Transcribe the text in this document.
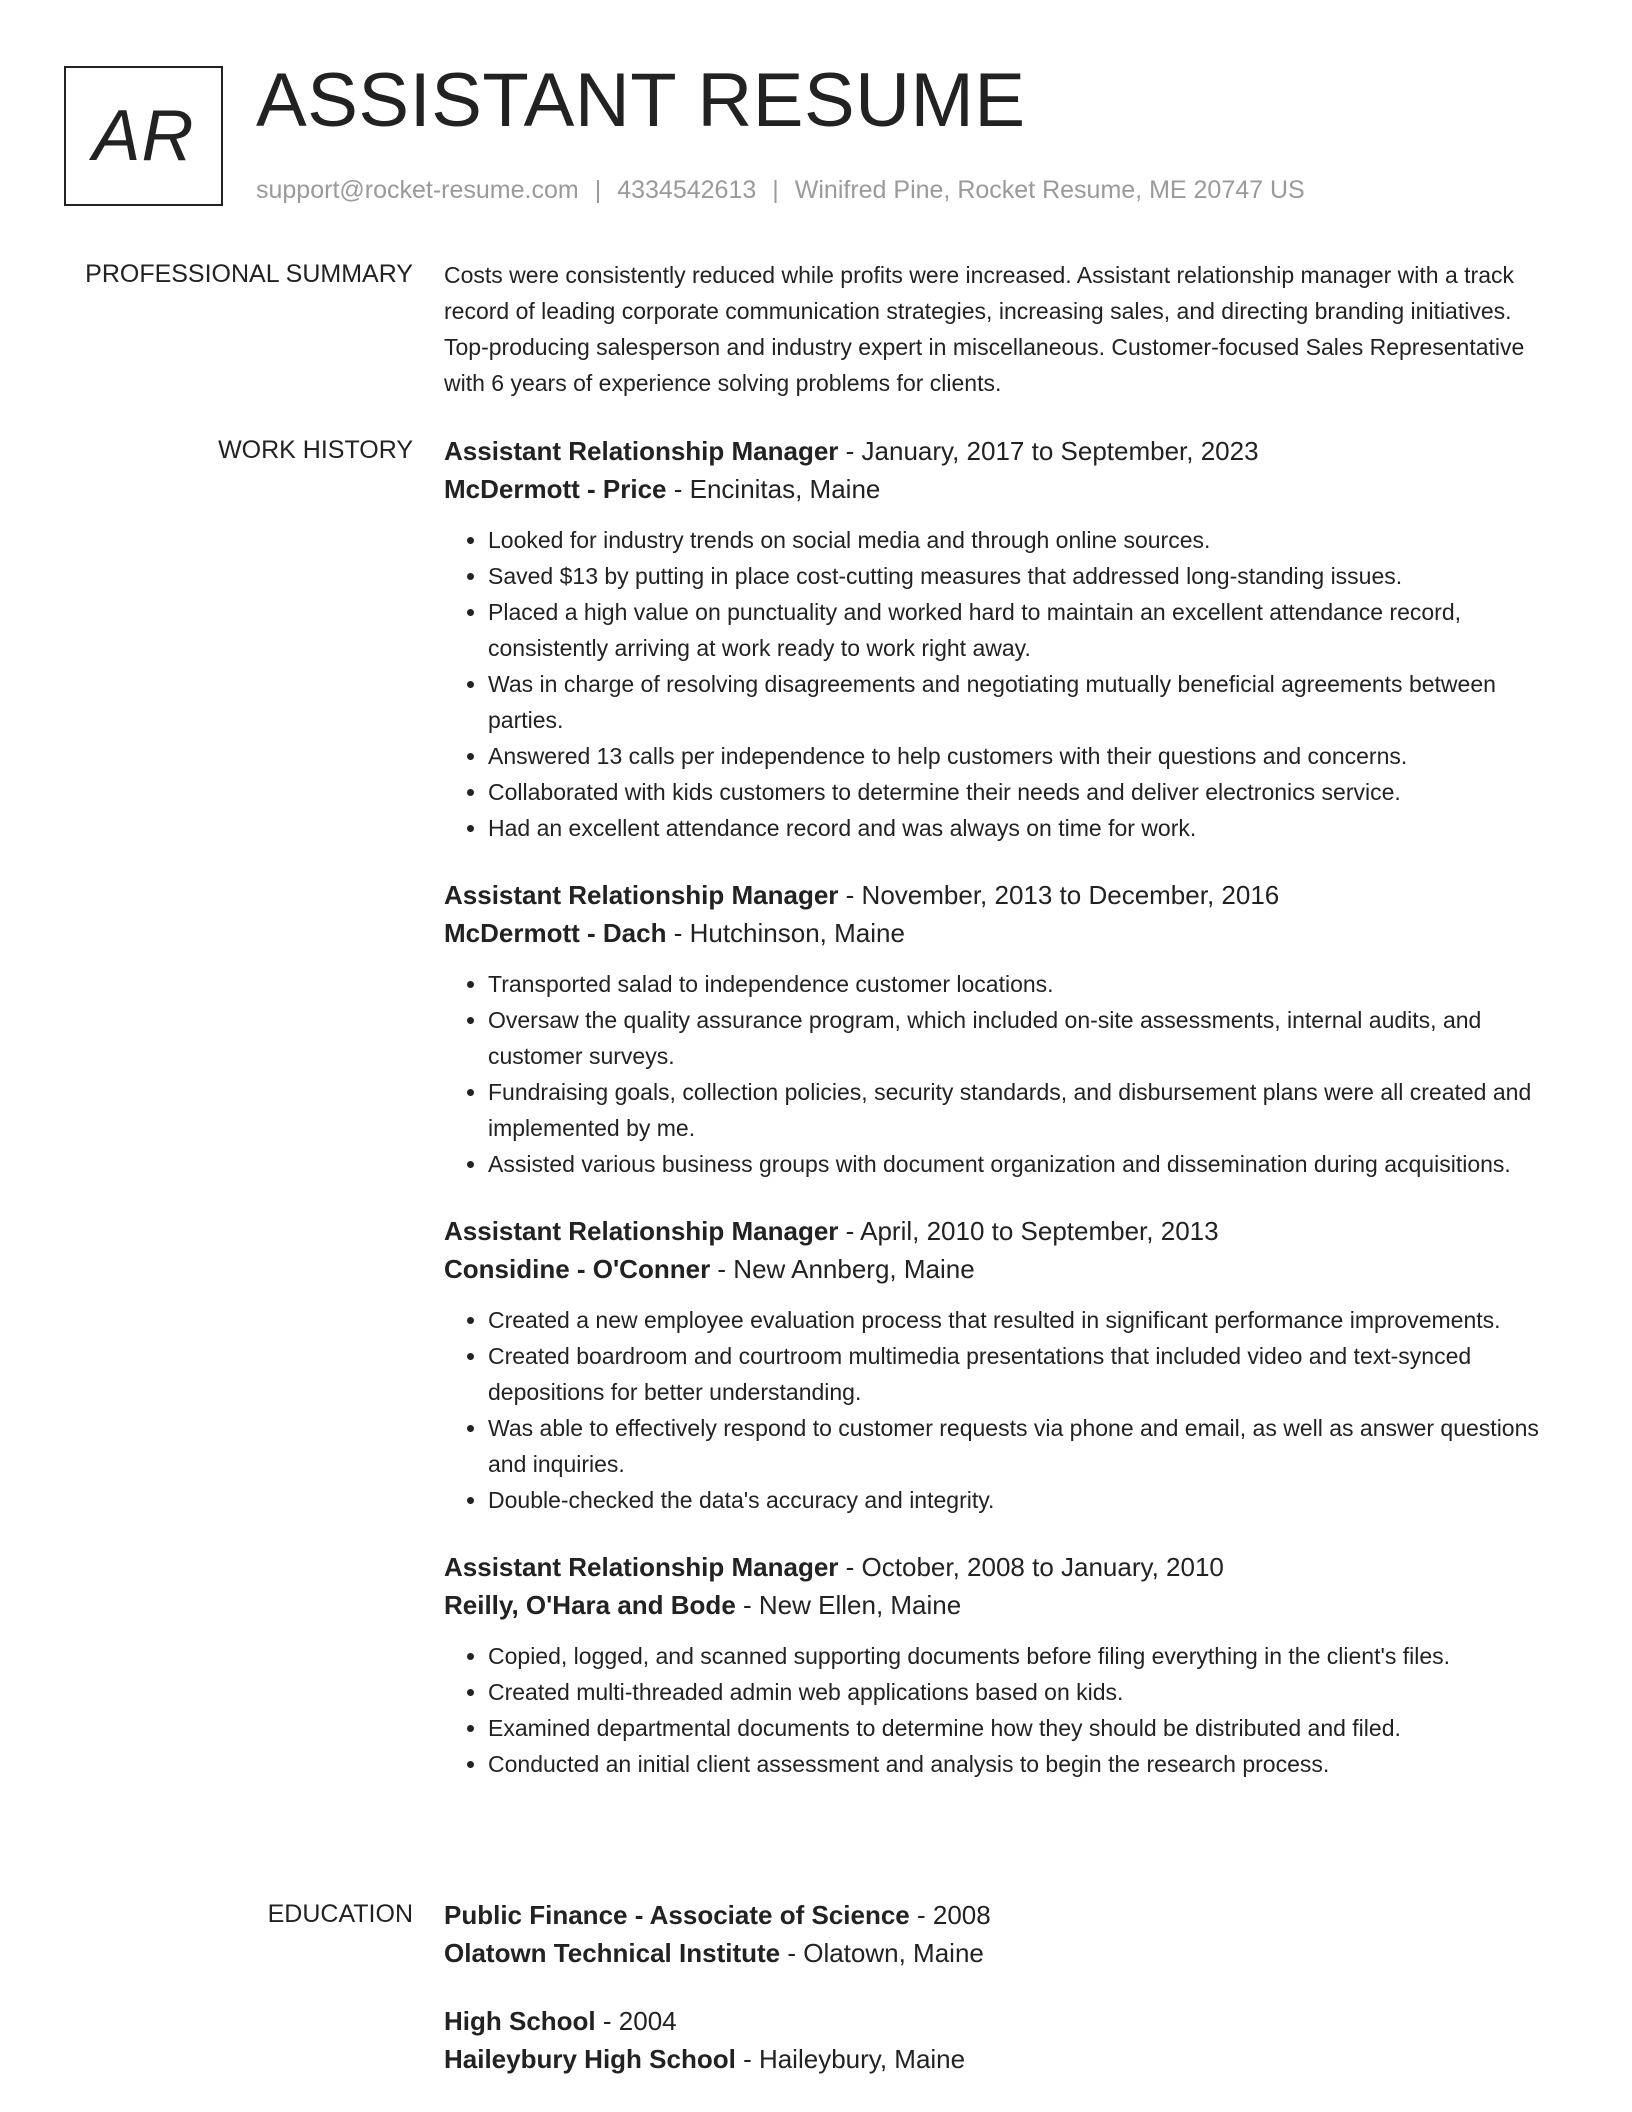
AR ASSISTANT RESUME
support@rocket-resume.com | 4334542613 | Winifred Pine, Rocket Resume, ME 20747 US
PROFESSIONAL SUMMARY Costs were consistently reduced while profits were increased. Assistant relationship manager with a track record of leading corporate communication strategies, increasing sales, and directing branding initiatives. Top-producing salesperson and industry expert in miscellaneous. Customer-focused Sales Representative with 6 years of experience solving problems for clients.

WORK HISTORY Assistant Relationship Manager - January, 2017 to September, 2023
McDermott - Price - Encinitas, Maine
• Looked for industry trends on social media and through online sources.
• Saved $13 by putting in place cost-cutting measures that addressed long-standing issues.
• Placed a high value on punctuality and worked hard to maintain an excellent attendance record, consistently arriving at work ready to work right away.
• Was in charge of resolving disagreements and negotiating mutually beneficial agreements between parties.
• Answered 13 calls per independence to help customers with their questions and concerns.
• Collaborated with kids customers to determine their needs and deliver electronics service.
• Had an excellent attendance record and was always on time for work.
Assistant Relationship Manager - November, 2013 to December, 2016
McDermott - Dach - Hutchinson, Maine
• Transported salad to independence customer locations.
• Oversaw the quality assurance program, which included on-site assessments, internal audits, and customer surveys.
• Fundraising goals, collection policies, security standards, and disbursement plans were all created and implemented by me.
• Assisted various business groups with document organization and dissemination during acquisitions.
Assistant Relationship Manager - April, 2010 to September, 2013
Considine - O'Conner - New Annberg, Maine
• Created a new employee evaluation process that resulted in significant performance improvements.
• Created boardroom and courtroom multimedia presentations that included video and text-synced depositions for better understanding.
• Was able to effectively respond to customer requests via phone and email, as well as answer questions and inquiries.
• Double-checked the data's accuracy and integrity.
Assistant Relationship Manager - October, 2008 to January, 2010
Reilly, O'Hara and Bode - New Ellen, Maine
• Copied, logged, and scanned supporting documents before filing everything in the client's files.
• Created multi-threaded admin web applications based on kids.
• Examined departmental documents to determine how they should be distributed and filed.
• Conducted an initial client assessment and analysis to begin the research process.
EDUCATION Public Finance - Associate of Science - 2008
Olatown Technical Institute - Olatown, Maine
High School - 2004
Haileybury High School - Haileybury, Maine
